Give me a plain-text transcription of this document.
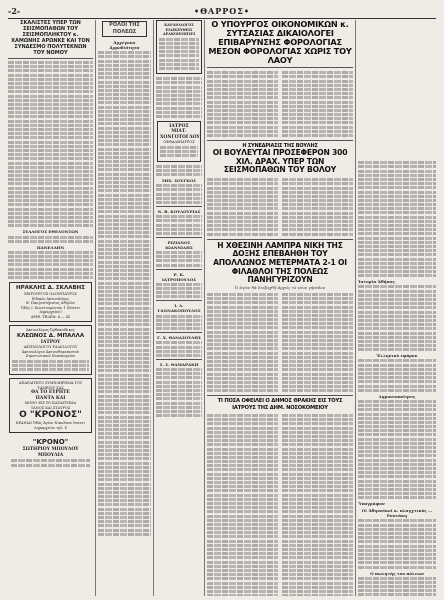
-2-	•ΘΑΡΡΟΣ•
ΣΚΑΛΙΣΤΕΣ ΥΠΕΡ ΤΩΝ ΣΕΙΣΜΟΠΑΘΩΝ ΤΟΥ ΣΕΙΣΜΟΠΛΗΚΤΟΥ κ. ΧΑΜΩΝΗΣ ΑΡΩΝΚΕ ΚΑΙ ΤΟΝ ΣΥΝΔΕΣΜΟ ΠΟΛΥΤΕΚΝΩΝ ΤΟΥ ΝΟΜΟΥ
ΣΥΛΛΟΓΟΣ ΕΘΕΛΟΝΤΩΝ
ΠΑΝΕΛΛΗΝ
ΗΡΑΚΛΗΣ Δ. ΣΚΛΑΒΗΣ
ΧΕΙΡΟΥΡΓΟΣ ΟΔΟΝΤΙΑΤΡΟΣ
Εἰδικὸς ἀκτινολόγος
Β' Παν/ριστήματος Αθηνῶν
Ὁδὸς Ι. Κουντουριώτου 1 (ἔναντι Δημαρχείου)
ΑΡΙΘ. ΤΗΛΕΦ. 6 — 45
Ἀκτινολόγος-Ὀρθοπαίδικος
ΚΛΕΩΝΟΣ Δ. ΜΠΑΛΛΑ
ΙΑΤΡΟΥ
ΑΚΤΙΝΟΛΟΓΟΥ ΡΑΔΙΟΛΟΓΟΥ
Ἀκτινολόγου Ἀκτινοθεραπευτοῦ Στρατιωτικοῦ Νοσοκομείου
ΑΠΑΡΑΙΤΗΤΟ ΣΥΜΠΛΗΡΩΜΑ ΤΟΥ ΤΑΜΕΙΟΥ ΣΑΣ
ΘΑ ΤΟ ΕΥΡΗΤΕ
ΠΑΝΤΑ ΚΑΙ
ΜΟΝΟ ΕΙΣ ΤΟ ΚΑΤΑΣΤΗΜΑ
ΤΑΝΟΣ ΚΑΙ ΣΤΑΥΡΟΣ
Ο "ΚΡΟΝΟΣ"
ΚΡΑΝΙΔΙ Ὁδὸς Ἀγίου Νικολάου ἔναντι Δημαρχείου τηλ. 4
"ΚΡΟΝΟ"
ΣΩΤΗΡΙΟΥ ΜΠΟΥΛΟΥ
ΜΠΟΥΛΙΑ
ΡΟΛΟΙ ΤΗΣ ΠΟΛΕΩΣ
Ἀρχέγονα Ἀρμοδιότητα
ΚΑΡΔΙΟΛΟΓΟΣ ΕΙΔΙΚΕΥΘΕΙΣ ΑΡΑΚΟΠΟΙΗΣΕΙ
ΙΑΤΡΟΣ
ΜΙΑΤ. ΧΟΝΓΟΤΟΓΛΟΥ
ΟΦΘΑΛΜΙΑΤΡΟΣ
ΜΙΧ. ΣΟΥΓΚΟΣ
Ν. Β. ΚΟΥΛΟΥΡΙΑΣ
ΡΙΖΙΑΝΟΣ ΙΩΑΝΝΙΔΗΣ
Ρ. Κ. ΙΑΤΡΟΠΟΥΛΟΣ
Ι. Δ. ΓΑΝΝΑΚΟΠΟΥΛΟΣ
Γ. Χ. ΘΑΝΑΣΟΥΛΗΣ
Σ. Σ. ΘΑΜΑΡΑΚΗ
Ο ΥΠΟΥΡΓΟΣ ΟΙΚΟΝΟΜΙΚΩΝ κ. ΣΥΤΣΑΣΙΑΣ ΔΙΚΑΙΟΛΟΓΕΙ ΕΠΙΒΑΡΥΝΣΗΣ ΦΟΡΟΛΟΓΙΑΣ ΜΕΣΟΝ ΦΟΡΟΛΟΓΙΑΣ ΧΩΡΙΣ ΤΟΥ ΛΑΟΥ
Η ΣΥΝΕΔΡΙΑΣΙΣ ΤΗΣ ΒΟΥΛΗΣ
ΟΙ ΒΟΥΛΕΥΤΑΙ ΠΡΟΣΕΦΕΡΟΝ 300 ΧΙΛ. ΔΡΑΧ. ΥΠΕΡ ΤΩΝ ΣΕΙΣΜΟΠΑΘΩΝ ΤΟΥ ΒΟΛΟΥ
Η ΧΘΕΣΙΝΗ ΛΑΜΠΡΑ ΝΙΚΗ ΤΗΣ ΔΟΞΗΣ ΕΠΕΒΑΗΘΗ ΤΟΥ ΑΠΟΛΛΩΝΟΣ ΜΕΤΕΡΜΑΤΑ 2-1 ΟΙ ΦΙΛΑΘΛΟΙ ΤΗΣ ΠΟΛΕΩΣ ΠΑΝΗΓΥΡΙΖΟΥΝ
Ὁ ἀγὼν θὰ διεξαχθῆ ἀρχῶς τὸ νέον γήπεδον
ΤΙ ΠΟΣΑ ΟΦΕΙΛΕΙ Ο ΔΗΜΟΣ ΘΡΑΚΗΣ ΕΙΣ ΤΟΥΣ ΙΑΤΡΟΥΣ ΤΗΣ ΔΗΜ. ΝΟΣΟΚΟΜΕΙΟΥ
Ἱστορία Ἀθήνας
Ἑλληνικὸ εφόρον
Δημοσιοποίησις
Ὑπογράφον
Οἱ Ἀθηναϊκοὶ κ. πλαγχτικὸς ... Ρουτάκη
Ο πωλητὴς του πόλεων
